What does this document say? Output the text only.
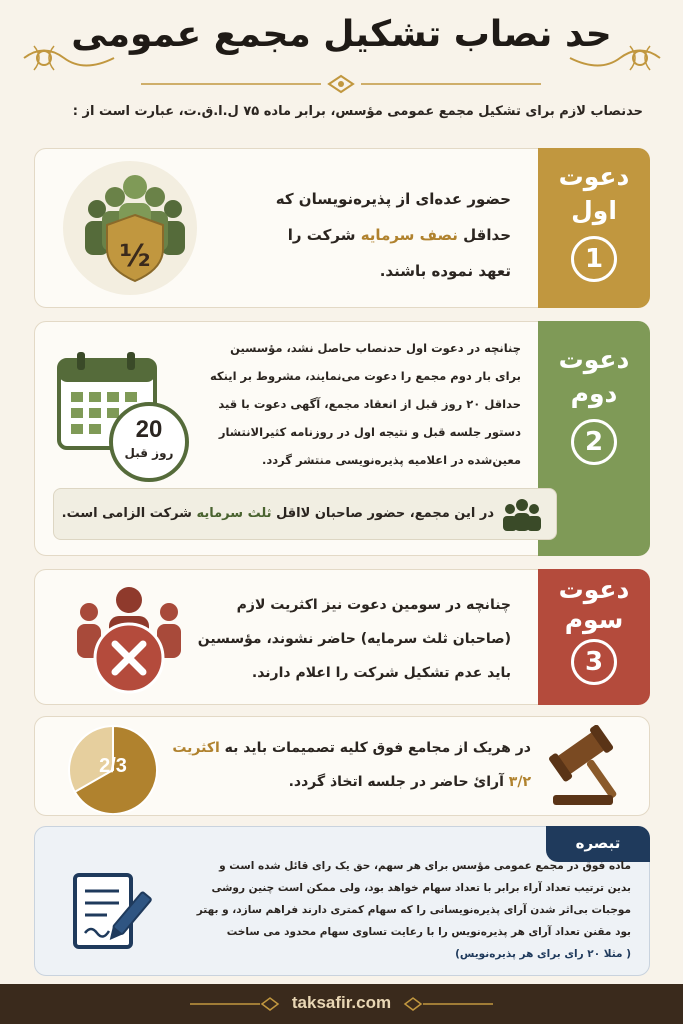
حد نصاب تشکیل مجمع عمومی
حدنصاب لازم برای تشکیل مجمع عمومی مؤسس، برابر ماده ۷۵ ل.ا.ق.ت، عبارت است از :
دعوت
اول
1
حضور عده‌ای از پذیره‌نویسان که
حداقل نصف سرمایه شرکت را
تعهد نموده باشند.
½
دعوت
دوم
2
چنانچه در دعوت اول حدنصاب حاصل نشد، مؤسسین
برای بار دوم مجمع را دعوت می‌نمایند، مشروط بر اینکه
حداقل ۲۰ روز قبل از انعقاد مجمع، آگهی دعوت با قید
دستور جلسه قبل و نتیجه اول در روزنامه کثیرالانتشار
معین‌شده در اعلامیه پذیره‌نویسی منتشر گردد.
20
روز قبل
در این مجمع، حضور صاحبان لااقل ثلث سرمایه شرکت الزامی است.
دعوت
سوم
3
چنانچه در سومین دعوت نیز اکثریت لازم
(صاحبان ثلث سرمایه) حاضر نشوند، مؤسسین
باید عدم تشکیل شرکت را اعلام دارند.
در هریک از مجامع فوق کلیه تصمیمات باید به اکثریت
۳/۲ آرائ حاضر در جلسه اتخاذ گردد.
2/3
تبصره
ماده فوق در مجمع عمومی مؤسس برای هر سهم، حق یک رای قائل شده است و
بدین ترتیب تعداد آراء برابر با تعداد سهام خواهد بود، ولی ممکن است چنین روشی
موجبات بی‌اثر شدن آرای پذیره‌نویسانی را که سهام کمتری دارند فراهم سازد، و بهتر
بود مقنن تعداد آرای هر پذیره‌نویس را با رعایت تساوی سهام محدود می ساخت
( مثلا ۲۰ رای برای هر پذیره‌نویس)
taksafir.com
